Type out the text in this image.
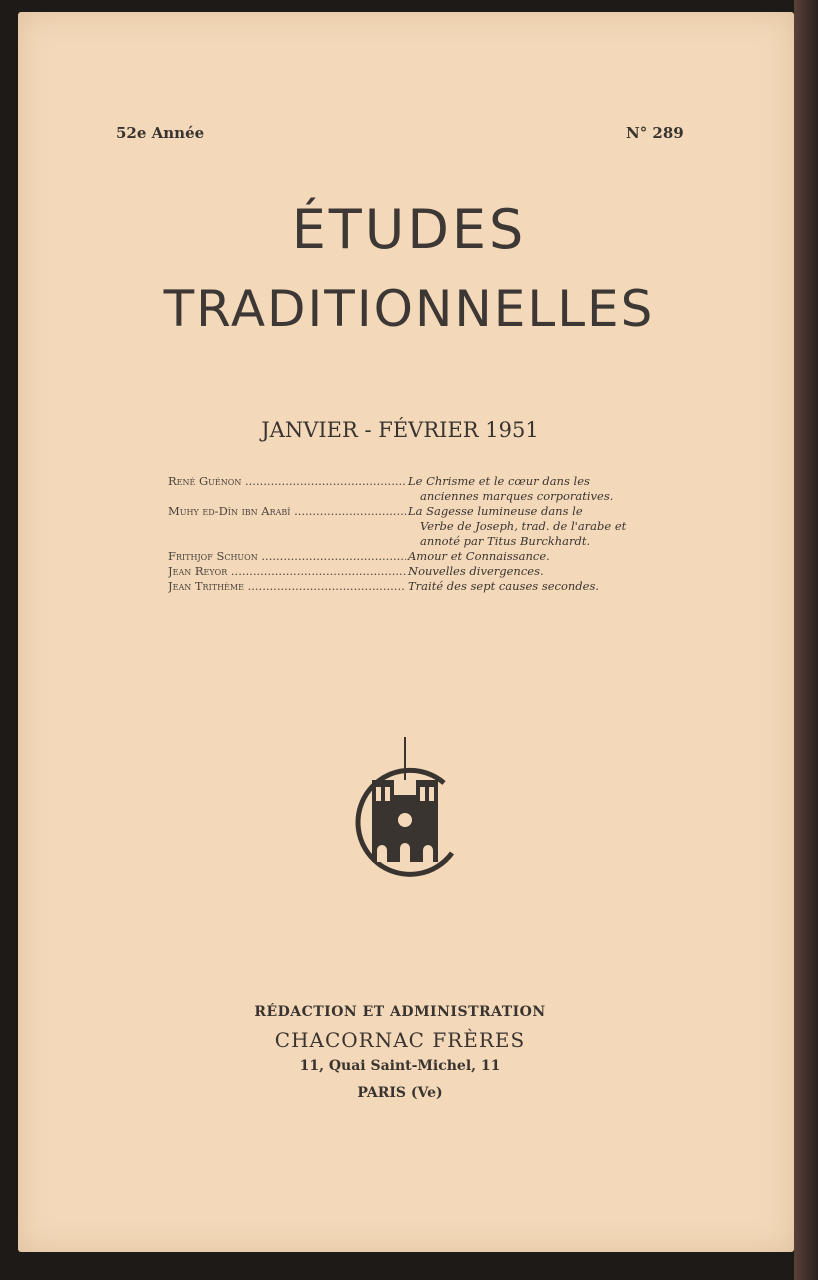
52e Année	N° 289
ÉTUDES
TRADITIONNELLES
JANVIER - FÉVRIER 1951
René Guénon .....	Le Chrisme et le cœur dans les
anciennes marques corporatives.
Muhy ed-Dîn ibn Arabî .....	La Sagesse lumineuse dans le
Verbe de Joseph, trad. de l'arabe et annoté par Titus Burckhardt.
Frithjof Schuon .....	Amour et Connaissance.
Jean Reyor .....	Nouvelles divergences.
Jean Trithème .....	Traité des sept causes secondes.
RÉDACTION ET ADMINISTRATION
CHACORNAC FRÈRES
11, Quai Saint-Michel, 11
PARIS (Ve)
